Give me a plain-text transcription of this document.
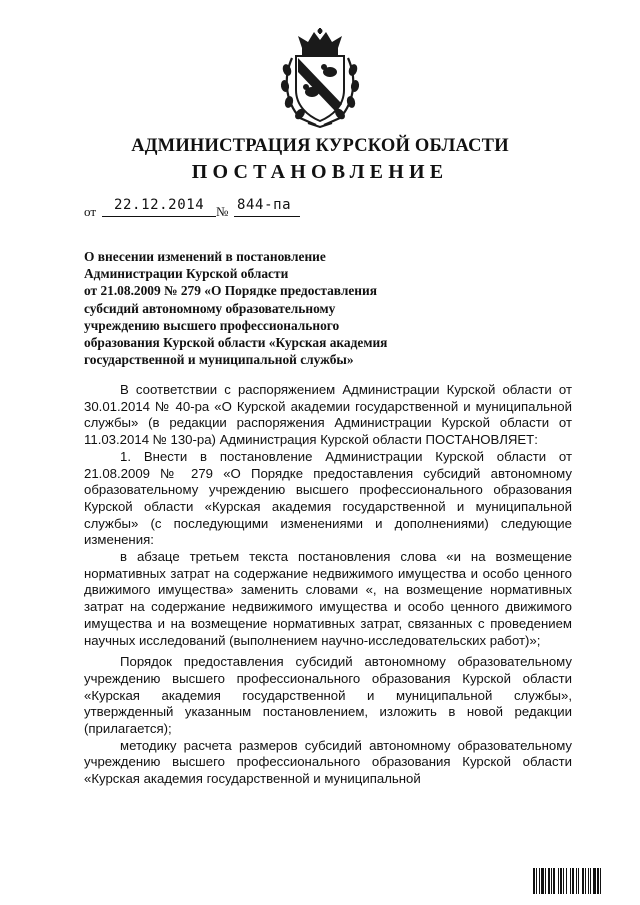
АДМИНИСТРАЦИЯ КУРСКОЙ ОБЛАСТИ
ПОСТАНОВЛЕНИЕ
от 22.12.2014 № 844-па
О внесении изменений в постановление
Администрации Курской области
от 21.08.2009 № 279 «О Порядке предоставления
субсидий автономному образовательному
учреждению высшего профессионального
образования Курской области «Курская академия
государственной и муниципальной службы»

В соответствии с распоряжением Администрации Курской области от 30.01.2014 № 40-ра «О Курской академии государственной и муниципальной службы» (в редакции распоряжения Администрации Курской области от 11.03.2014 № 130-ра) Администрация Курской области ПОСТАНОВЛЯЕТ:

1. Внести в постановление Администрации Курской области от 21.08.2009 № 279 «О Порядке предоставления субсидий автономному образовательному учреждению высшего профессионального образования Курской области «Курская академия государственной и муниципальной службы» (с последующими изменениями и дополнениями) следующие изменения:

в абзаце третьем текста постановления слова «и на возмещение нормативных затрат на содержание недвижимого имущества и особо ценного движимого имущества» заменить словами «, на возмещение нормативных затрат на содержание недвижимого имущества и особо ценного движимого имущества и на возмещение нормативных затрат, связанных с проведением научных исследований (выполнением научно-исследовательских работ)»;

Порядок предоставления субсидий автономному образовательному учреждению высшего профессионального образования Курской области «Курская академия государственной и муниципальной службы», утвержденный указанным постановлением, изложить в новой редакции (прилагается);

методику расчета размеров субсидий автономному образовательному учреждению высшего профессионального образования Курской области «Курская академия государственной и муниципальной
